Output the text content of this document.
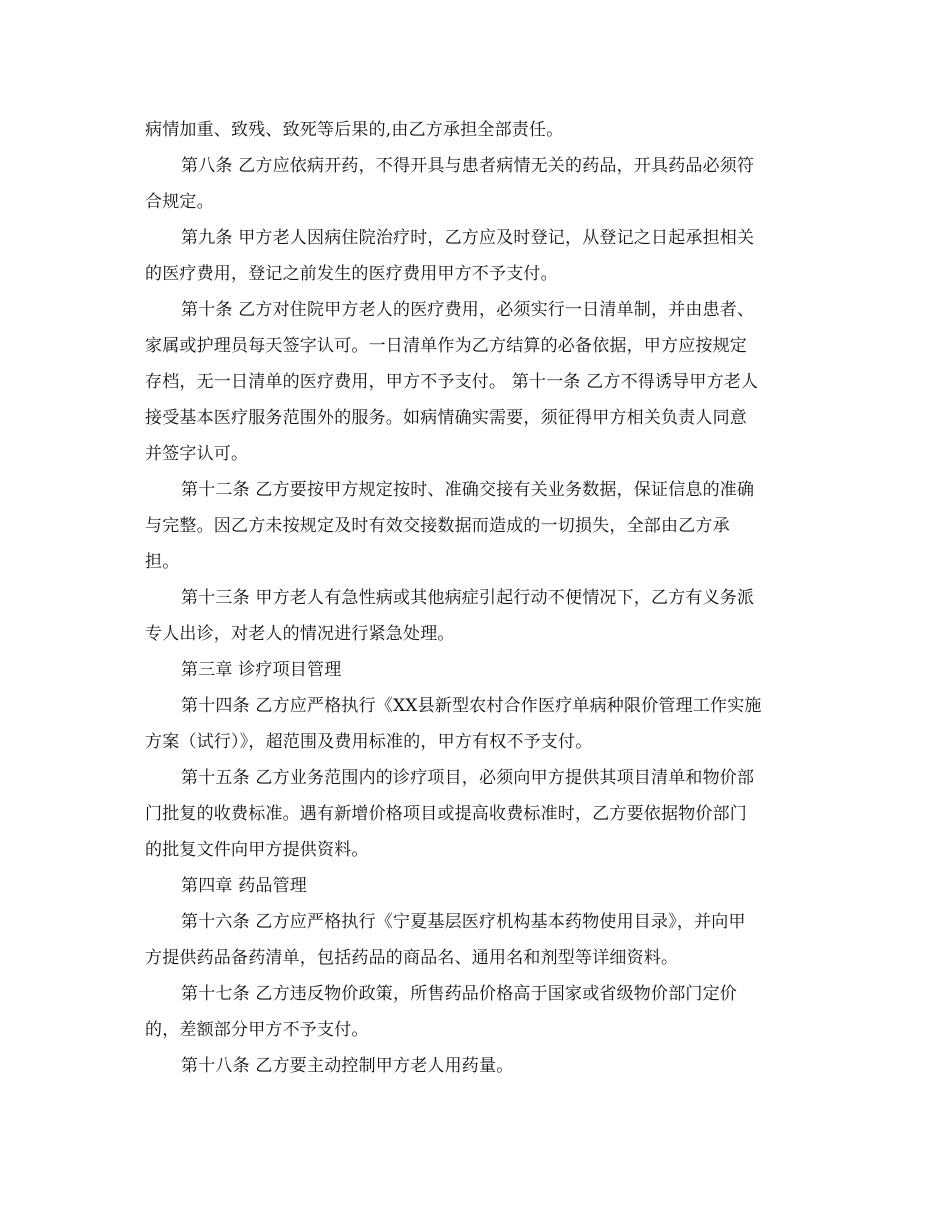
病情加重、致残、致死等后果的,由乙方承担全部责任。
第八条 乙方应依病开药，不得开具与患者病情无关的药品，开具药品必须符
合规定。
第九条 甲方老人因病住院治疗时，乙方应及时登记，从登记之日起承担相关
的医疗费用，登记之前发生的医疗费用甲方不予支付。
第十条 乙方对住院甲方老人的医疗费用，必须实行一日清单制，并由患者、
家属或护理员每天签字认可。一日清单作为乙方结算的必备依据，甲方应按规定
存档，无一日清单的医疗费用，甲方不予支付。 第十一条 乙方不得诱导甲方老人
接受基本医疗服务范围外的服务。如病情确实需要，须征得甲方相关负责人同意
并签字认可。
第十二条 乙方要按甲方规定按时、准确交接有关业务数据，保证信息的准确
与完整。因乙方未按规定及时有效交接数据而造成的一切损失，全部由乙方承
担。
第十三条 甲方老人有急性病或其他病症引起行动不便情况下，乙方有义务派
专人出诊，对老人的情况进行紧急处理。
第三章 诊疗项目管理
第十四条 乙方应严格执行《XX县新型农村合作医疗单病种限价管理工作实施
方案（试行）》，超范围及费用标准的，甲方有权不予支付。
第十五条 乙方业务范围内的诊疗项目，必须向甲方提供其项目清单和物价部
门批复的收费标准。遇有新增价格项目或提高收费标准时，乙方要依据物价部门
的批复文件向甲方提供资料。
第四章 药品管理
第十六条 乙方应严格执行《宁夏基层医疗机构基本药物使用目录》，并向甲
方提供药品备药清单，包括药品的商品名、通用名和剂型等详细资料。
第十七条 乙方违反物价政策，所售药品价格高于国家或省级物价部门定价
的，差额部分甲方不予支付。
第十八条 乙方要主动控制甲方老人用药量。
